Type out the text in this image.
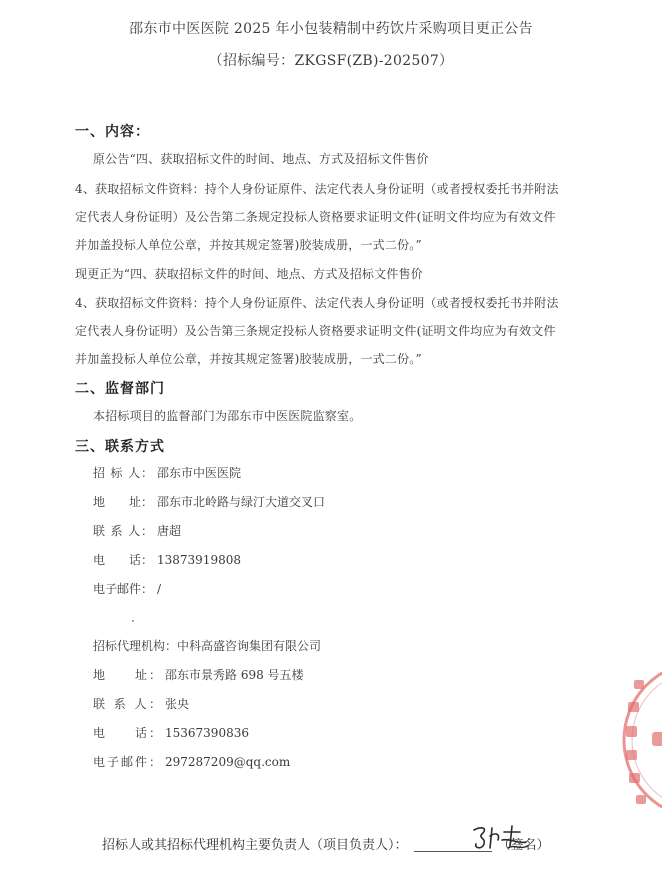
邵东市中医医院 2025 年小包装精制中药饮片采购项目更正公告
（招标编号：ZKGSF(ZB)-202507）
一、内容：
原公告“四、获取招标文件的时间、地点、方式及招标文件售价
4、获取招标文件资料：持个人身份证原件、法定代表人身份证明（或者授权委托书并附法
定代表人身份证明）及公告第二条规定投标人资格要求证明文件(证明文件均应为有效文件
并加盖投标人单位公章，并按其规定签署)胶装成册，一式二份。”
现更正为“四、获取招标文件的时间、地点、方式及招标文件售价
4、获取招标文件资料：持个人身份证原件、法定代表人身份证明（或者授权委托书并附法
定代表人身份证明）及公告第三条规定投标人资格要求证明文件(证明文件均应为有效文件
并加盖投标人单位公章，并按其规定签署)胶装成册，一式二份。”
二、监督部门
本招标项目的监督部门为邵东市中医医院监察室。
三、联系方式
招 标 人： 邵东市中医医院
地　　址： 邵东市北岭路与绿汀大道交叉口
联 系 人： 唐超
电　　话： 13873919808
电子邮件： /
招标代理机构：中科高盛咨询集团有限公司
地　　址： 邵东市景秀路 698 号五楼
联 系 人： 张央
电　　话： 15367390836
电子邮件： 297287209@qq.com
招标人或其招标代理机构主要负责人（项目负责人）：	（签名）
